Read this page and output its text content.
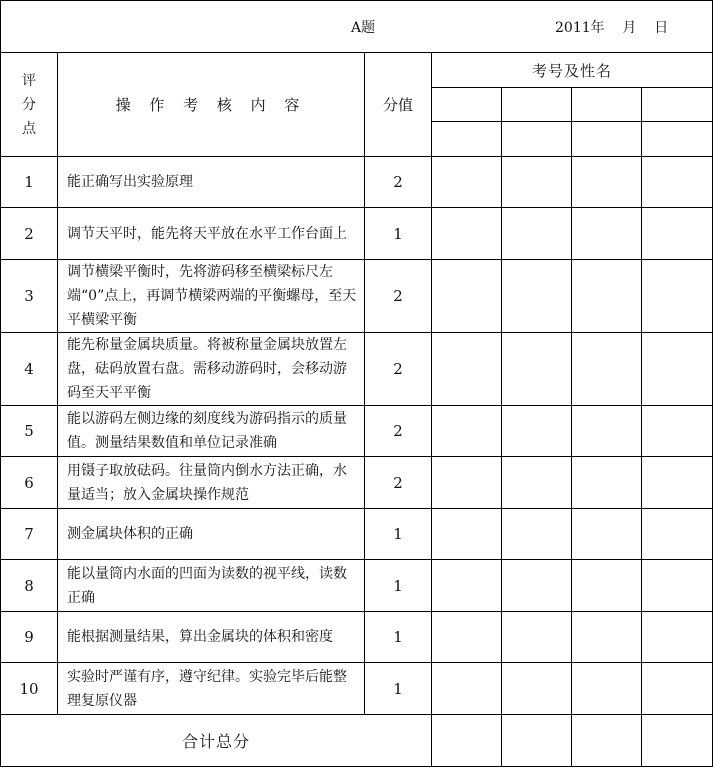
A题 2011年    月    日						

评
分
点	操 作 考 核 内 容	分值	考号及性名			

1	能正确写出实验原理	2				
2	调节天平时，能先将天平放在水平工作台面上	1				
3	调节横梁平衡时，先将游码移至横梁标尺左端“0”点上，再调节横梁两端的平衡螺母，至天平横梁平衡	2				
4	能先称量金属块质量。将被称量金属块放置左盘，砝码放置右盘。需移动游码时，会移动游码至天平平衡	2				
5	能以游码左侧边缘的刻度线为游码指示的质量值。测量结果数值和单位记录准确	2				
6	用镊子取放砝码。往量筒内倒水方法正确，水量适当；放入金属块操作规范	2				
7	测金属块体积的正确	1				
8	能以量筒内水面的凹面为读数的视平线，读数正确	1				
9	能根据测量结果，算出金属块的体积和密度	1				
10	实验时严谨有序，遵守纪律。实验完毕后能整理复原仪器	1				
合计总分						
